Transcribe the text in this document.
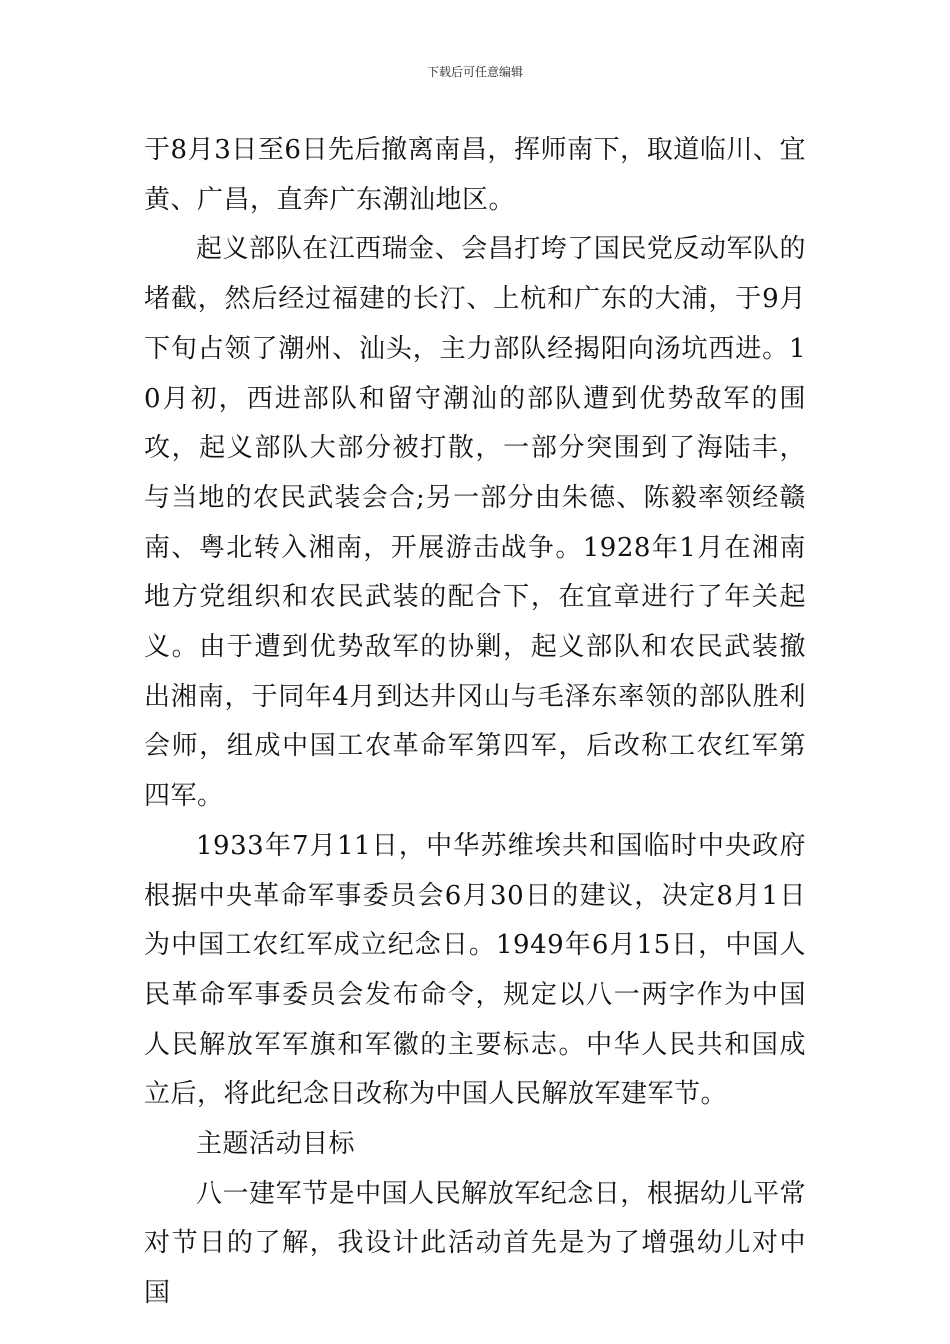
下载后可任意编辑

于8月3日至6日先后撤离南昌，挥师南下，取道临川、宜黄、广昌，直奔广东潮汕地区。

起义部队在江西瑞金、会昌打垮了国民党反动军队的堵截，然后经过福建的长汀、上杭和广东的大浦，于9月下旬占领了潮州、汕头，主力部队经揭阳向汤坑西进。10月初，西进部队和留守潮汕的部队遭到优势敌军的围攻，起义部队大部分被打散，一部分突围到了海陆丰，与当地的农民武装会合;另一部分由朱德、陈毅率领经赣南、粤北转入湘南，开展游击战争。1928年1月在湘南地方党组织和农民武装的配合下，在宜章进行了年关起义。由于遭到优势敌军的协剿，起义部队和农民武装撤出湘南，于同年4月到达井冈山与毛泽东率领的部队胜利会师，组成中国工农革命军第四军，后改称工农红军第四军。

1933年7月11日，中华苏维埃共和国临时中央政府根据中央革命军事委员会6月30日的建议，决定8月1日为中国工农红军成立纪念日。1949年6月15日，中国人民革命军事委员会发布命令，规定以八一两字作为中国人民解放军军旗和军徽的主要标志。中华人民共和国成立后，将此纪念日改称为中国人民解放军建军节。

主题活动目标

八一建军节是中国人民解放军纪念日，根据幼儿平常对节日的了解，我设计此活动首先是为了增强幼儿对中国
